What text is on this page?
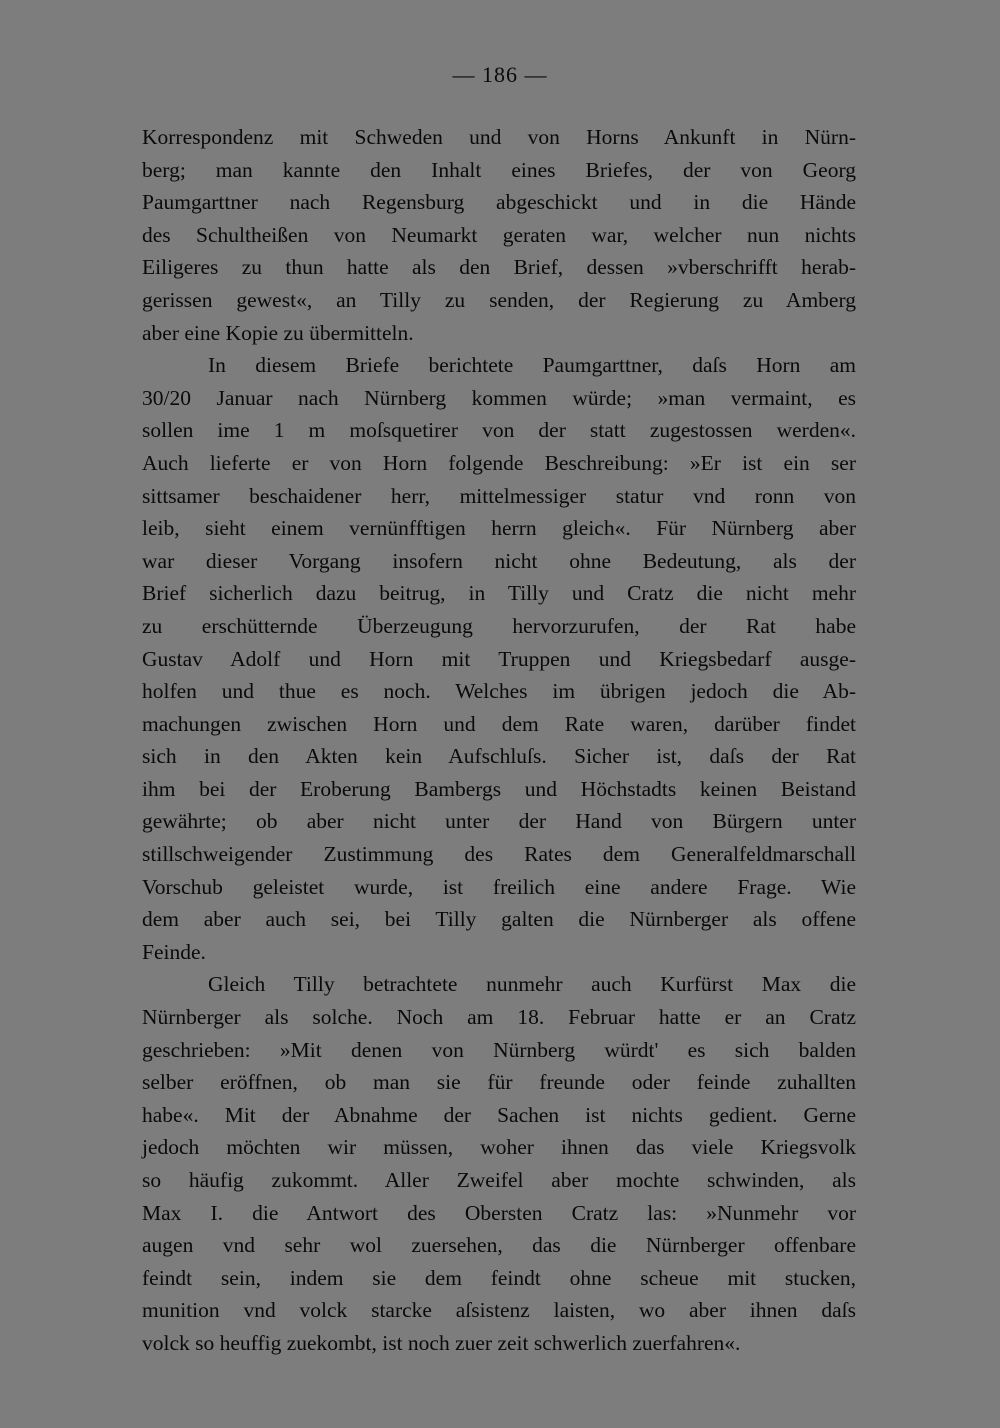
— 186 —
Korrespondenz mit Schweden und von Horns Ankunft in Nürn-
berg; man kannte den Inhalt eines Briefes, der von Georg
Paumgarttner nach Regensburg abgeschickt und in die Hände
des Schultheißen von Neumarkt geraten war, welcher nun nichts
Eiligeres zu thun hatte als den Brief, dessen »vberschrifft herab-
gerissen gewest«, an Tilly zu senden, der Regierung zu Amberg
aber eine Kopie zu übermitteln.
In diesem Briefe berichtete Paumgarttner, daſs Horn am
30/20 Januar nach Nürnberg kommen würde; »man vermaint, es
sollen ime 1 m moſsquetirer von der statt zugestossen werden«.
Auch lieferte er von Horn folgende Beschreibung: »Er ist ein ser
sittsamer beschaidener herr, mittelmessiger statur vnd ronn von
leib, sieht einem vernünfftigen herrn gleich«. Für Nürnberg aber
war dieser Vorgang insofern nicht ohne Bedeutung, als der
Brief sicherlich dazu beitrug, in Tilly und Cratz die nicht mehr
zu erschütternde Überzeugung hervorzurufen, der Rat habe
Gustav Adolf und Horn mit Truppen und Kriegsbedarf ausge-
holfen und thue es noch. Welches im übrigen jedoch die Ab-
machungen zwischen Horn und dem Rate waren, darüber findet
sich in den Akten kein Aufschluſs. Sicher ist, daſs der Rat
ihm bei der Eroberung Bambergs und Höchstadts keinen Beistand
gewährte; ob aber nicht unter der Hand von Bürgern unter
stillschweigender Zustimmung des Rates dem Generalfeldmarschall
Vorschub geleistet wurde, ist freilich eine andere Frage. Wie
dem aber auch sei, bei Tilly galten die Nürnberger als offene
Feinde.
Gleich Tilly betrachtete nunmehr auch Kurfürst Max die
Nürnberger als solche. Noch am 18. Februar hatte er an Cratz
geschrieben: »Mit denen von Nürnberg würdt' es sich balden
selber eröffnen, ob man sie für freunde oder feinde zuhallten
habe«. Mit der Abnahme der Sachen ist nichts gedient. Gerne
jedoch möchten wir müssen, woher ihnen das viele Kriegsvolk
so häufig zukommt. Aller Zweifel aber mochte schwinden, als
Max I. die Antwort des Obersten Cratz las: »Nunmehr vor
augen vnd sehr wol zuersehen, das die Nürnberger offenbare
feindt sein, indem sie dem feindt ohne scheue mit stucken,
munition vnd volck starcke aſsistenz laisten, wo aber ihnen daſs
volck so heuffig zuekombt, ist noch zuer zeit schwerlich zuerfahren«.
